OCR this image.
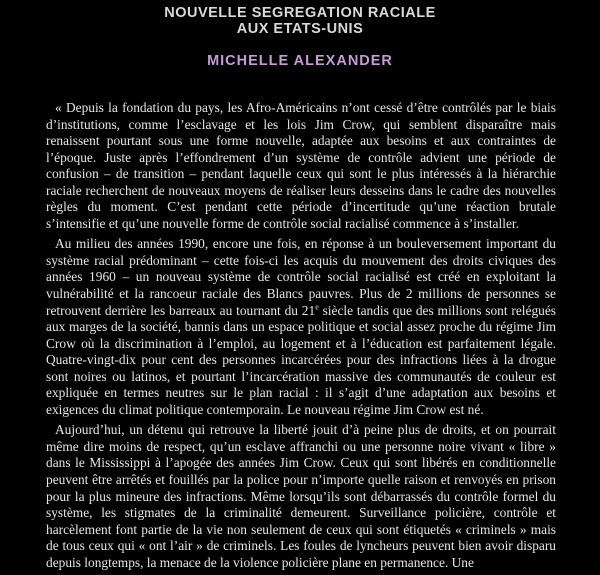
NOUVELLE SEGREGATION RACIALE
AUX ETATS-UNIS
MICHELLE ALEXANDER

« Depuis la fondation du pays, les Afro-Américains n’ont cessé d’être contrôlés par le biais d’institutions, comme l’esclavage et les lois Jim Crow, qui semblent disparaître mais renaissent pourtant sous une forme nouvelle, adaptée aux besoins et aux contraintes de l’époque. Juste après l’effondrement d’un système de contrôle advient une période de confusion – de transition – pendant laquelle ceux qui sont le plus intéressés à la hiérarchie raciale recherchent de nouveaux moyens de réaliser leurs desseins dans le cadre des nouvelles règles du moment. C’est pendant cette période d’incertitude qu’une réaction brutale s’intensifie et qu’une nouvelle forme de contrôle social racialisé commence à s’installer.

Au milieu des années 1990, encore une fois, en réponse à un bouleversement important du système racial prédominant – cette fois-ci les acquis du mouvement des droits civiques des années 1960 – un nouveau système de contrôle social racialisé est créé en exploitant la vulnérabilité et la rancoeur raciale des Blancs pauvres. Plus de 2 millions de personnes se retrouvent derrière les barreaux au tournant du 21e siècle tandis que des millions sont relégués aux marges de la société, bannis dans un espace politique et social assez proche du régime Jim Crow où la discrimination à l’emploi, au logement et à l’éducation est parfaitement légale. Quatre-vingt-dix pour cent des personnes incarcérées pour des infractions liées à la drogue sont noires ou latinos, et pourtant l’incarcération massive des communautés de couleur est expliquée en termes neutres sur le plan racial : il s’agit d’une adaptation aux besoins et exigences du climat politique contemporain. Le nouveau régime Jim Crow est né.

Aujourd’hui, un détenu qui retrouve la liberté jouit d’à peine plus de droits, et on pourrait même dire moins de respect, qu’un esclave affranchi ou une personne noire vivant « libre » dans le Mississippi à l’apogée des années Jim Crow. Ceux qui sont libérés en conditionnelle peuvent être arrêtés et fouillés par la police pour n’importe quelle raison et renvoyés en prison pour la plus mineure des infractions. Même lorsqu’ils sont débarrassés du contrôle formel du système, les stigmates de la criminalité demeurent. Surveillance policière, contrôle et harcèlement font partie de la vie non seulement de ceux qui sont étiquetés « criminels » mais de tous ceux qui « ont l’air » de criminels. Les foules de lyncheurs peuvent bien avoir disparu depuis longtemps, la menace de la violence policière plane en permanence. Une
